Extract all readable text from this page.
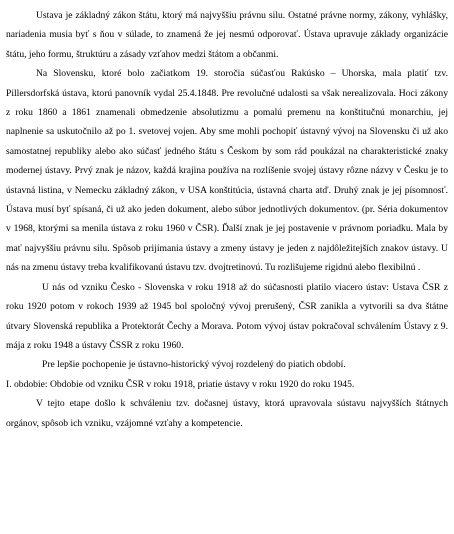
Ustava je základný zákon štátu, ktorý má najvyššiu právnu silu. Ostatné právne normy, zákony, vyhlášky, nariadenia musia byť s ňou v súlade, to znamená že jej nesmú odporovať. Ústava upravuje základy organizácie štátu, jeho formu, štruktúru a zásady vzťahov medzi štátom a občanmi.

Na Slovensku, ktoré bolo začiatkom 19. storočia súčasťou Rakúsko – Uhorska, mala platiť tzv. Pillersdorfská ústava, ktorú panovník vydal 25.4.1848. Pre revolučné udalosti sa však nerealizovala. Hoci zákony z roku 1860 a 1861 znamenali obmedzenie absolutizmu a pomalú premenu na konštitučnú monarchiu, jej naplnenie sa uskutočnilo až po 1. svetovej vojen. Aby sme mohli pochopiť ústavný vývoj na Slovensku či už ako samostatnej republiky alebo ako súčasť jedného štátu s Českom by som rád poukázal na charakteristické znaky modernej ústavy. Prvý znak je názov, každá krajina používa na rozlíšenie svojej ústavy rôzne názvy v Česku je to ústavná listina, v Nemecku základný zákon, v USA konštitúcia, ústavná charta atď. Druhý znak je jej písomnosť. Ústava musí byť spísaná, či už ako jeden dokument, alebo súbor jednotlivých dokumentov. (pr. Séria dokumentov v 1968, ktorými sa menila ústava z roku 1960 v ČSR). Ďalší znak je jej postavenie v právnom poriadku. Mala by mať najvyššiu právnu silu. Spôsob prijímania ústavy a zmeny ústavy je jeden z najdôležitejších znakov ústavy. U nás na zmenu ústavy treba kvalifikovanú ústavu tzv. dvojtretinovú. Tu rozlišujeme rigidnú alebo flexibilnú .

U nás od vzniku Česko - Slovenska v roku 1918 až do súčasnosti platilo viacero ústav: Ustava ČSR z roku 1920 potom v rokoch 1939 až 1945 bol spoločný vývoj prerušený, ČSR zanikla a vytvorili sa dva štátne útvary Slovenská republika a Protektorát Čechy a Morava. Potom vývoj ústav pokračoval schválením Ústavy z 9. mája z roku 1948 a ústavy ČSSR z roku 1960.

Pre lepšie pochopenie je ústavno-historický vývoj rozdelený do piatich období.

I. obdobie: Obdobie od vzniku ČSR v roku 1918, priatie ústavy v roku 1920 do roku 1945.

V tejto etape došlo k schváleniu tzv. dočasnej ústavy, ktorá upravovala sústavu najvyšších štátnych orgánov, spôsob ich vzniku, vzájomné vzťahy a kompetencie.
